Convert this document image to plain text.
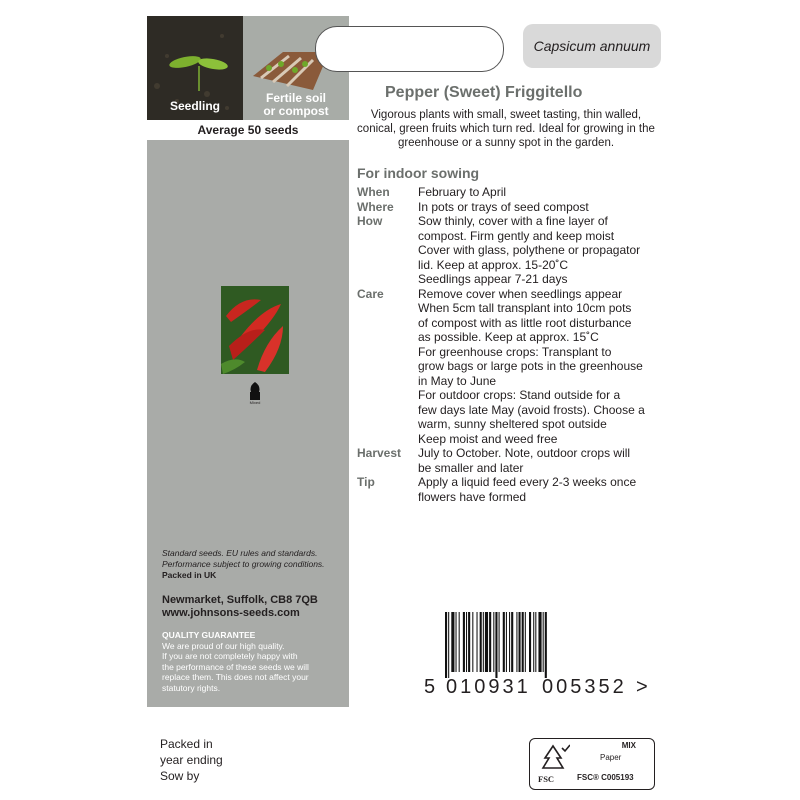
Seedling
Fertile soil
or compost
Average 50 seeds
Mixed
Standard seeds. EU rules and standards.
Performance subject to growing conditions.
Packed in UK
Newmarket, Suffolk, CB8 7QB
www.johnsons-seeds.com
QUALITY GUARANTEE
We are proud of our high quality.
If you are not completely happy with
the performance of these seeds we will
replace them. This does not affect your
statutory rights.
Packed in
year ending
Sow by
Capsicum annuum
Pepper (Sweet) Friggitello
Vigorous plants with small, sweet tasting, thin walled, conical, green fruits which turn red. Ideal for growing in the greenhouse or a sunny spot in the garden.
For indoor sowing
When	February to April
Where	In pots or trays of seed compost
How	Sow thinly, cover with a fine layer of
compost. Firm gently and keep moist
Cover with glass, polythene or propagator
lid. Keep at approx. 15-20˚C
Seedlings appear 7-21 days
Care	Remove cover when seedlings appear
When 5cm tall transplant into 10cm pots
of compost with as little root disturbance
as possible. Keep at approx. 15˚C
For greenhouse crops: Transplant to
grow bags or large pots in the greenhouse
in May to June
For outdoor crops: Stand outside for a
few days late May (avoid frosts). Choose a
warm, sunny sheltered spot outside
Keep moist and weed free
Harvest	July to October. Note, outdoor crops will
be smaller and later
Tip	Apply a liquid feed every 2-3 weeks once
flowers have formed
5 010931 005352 >
MIX
Paper
FSC	FSC® C005193
